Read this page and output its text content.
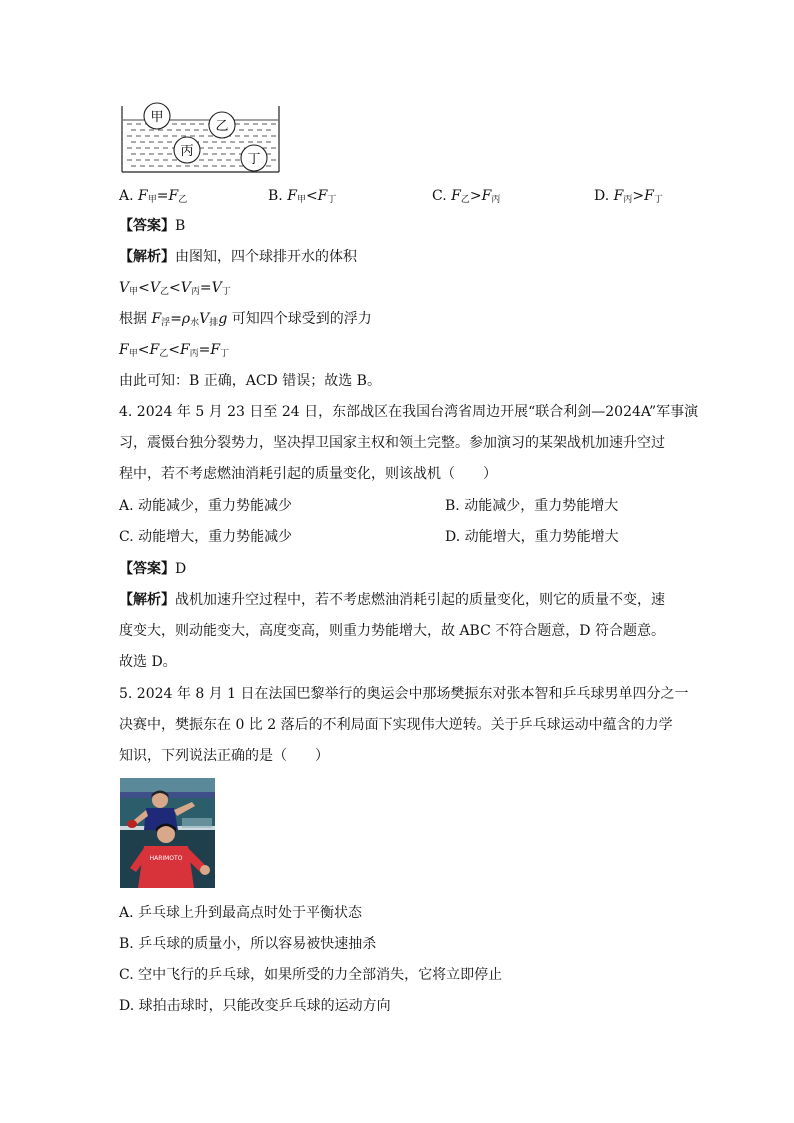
甲
乙
丙
丁
A. $F_甲=F_乙$	B. $F_甲<F_丁$	C. $F_乙>F_丙$	D. $F_丙>F_丁$
【答案】B
【解析】由图知，四个球排开水的体积
$V_甲<V_乙<V_丙=V_丁$
根据 $F_浮=\rho_水V_排g$ 可知四个球受到的浮力
$F_甲<F_乙<F_丙=F_丁$
由此可知：B 正确，ACD 错误；故选 B。
4. 2024 年 5 月 23 日至 24 日，东部战区在我国台湾省周边开展“联合利剑—2024A”军事演
习，震慑台独分裂势力，坚决捍卫国家主权和领土完整。参加演习的某架战机加速升空过
程中，若不考虑燃油消耗引起的质量变化，则该战机（　　）
A. 动能减少，重力势能减少	B. 动能减少，重力势能增大
C. 动能增大，重力势能减少	D. 动能增大，重力势能增大
【答案】D
【解析】战机加速升空过程中，若不考虑燃油消耗引起的质量变化，则它的质量不变，速
度变大，则动能变大，高度变高，则重力势能增大，故 ABC 不符合题意，D 符合题意。
故选 D。
5. 2024 年 8 月 1 日在法国巴黎举行的奥运会中那场樊振东对张本智和乒乓球男单四分之一
决赛中，樊振东在 0 比 2 落后的不利局面下实现伟大逆转。关于乒乓球运动中蕴含的力学
知识，下列说法正确的是（　　）
HARIMOTO
A. 乒乓球上升到最高点时处于平衡状态
B. 乒乓球的质量小，所以容易被快速抽杀
C. 空中飞行的乒乓球，如果所受的力全部消失，它将立即停止
D. 球拍击球时，只能改变乒乓球的运动方向
